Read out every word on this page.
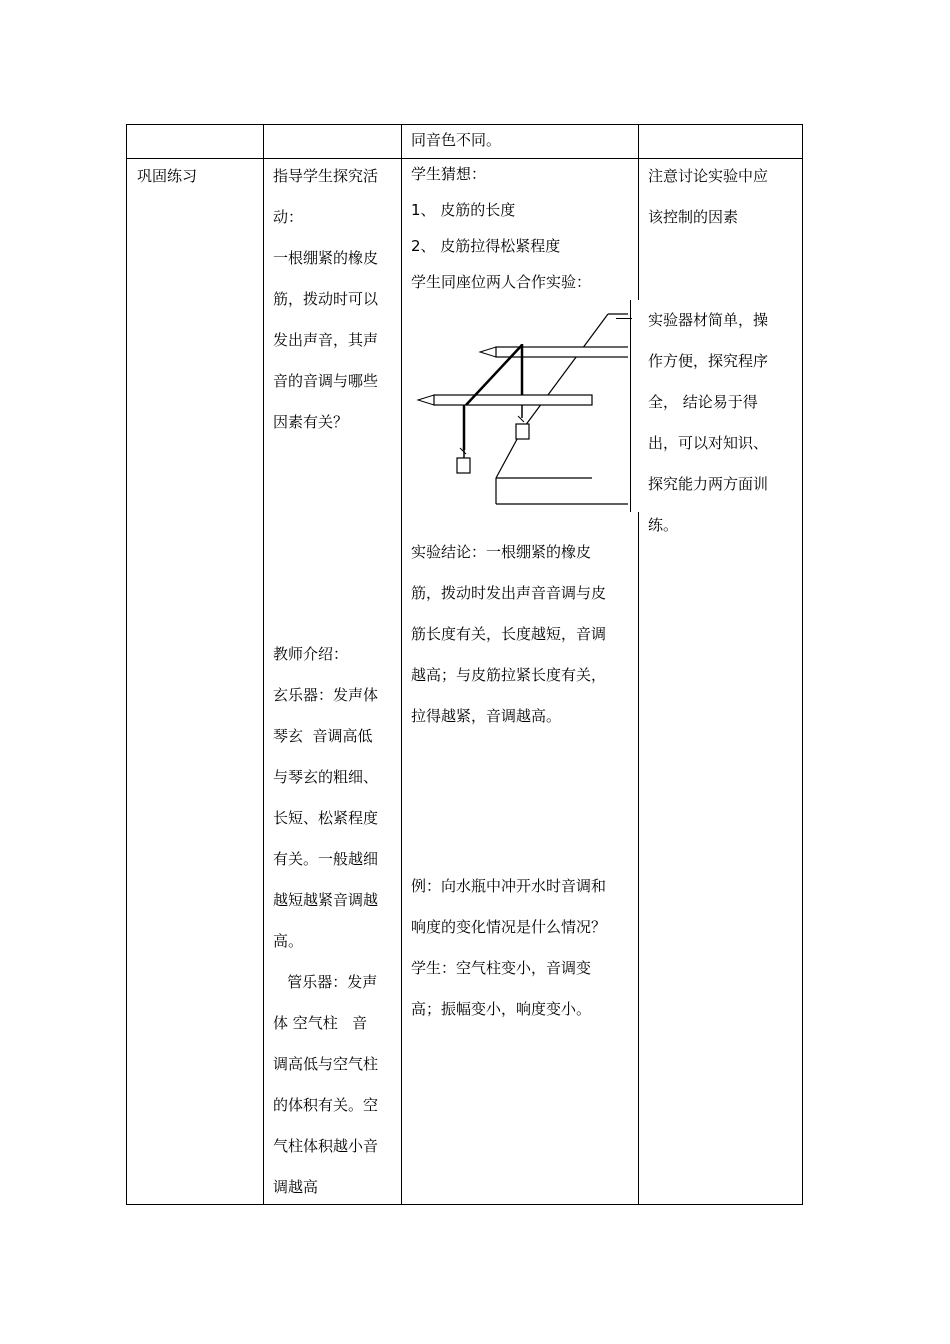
同音色不同。
巩固练习	指导学生探究活
动：
一根绷紧的橡皮
筋，拨动时可以
发出声音，其声
音的音调与哪些
因素有关？
教师介绍：
玄乐器：发声体
琴玄  音调高低
与琴玄的粗细、
长短、松紧程度
有关。一般越细
越短越紧音调越
高。
管乐器：发声
体 空气柱   音
调高低与空气柱
的体积有关。空
气柱体积越小音
调越高
学生猜想：
1、 皮筋的长度
2、 皮筋拉得松紧程度
学生同座位两人合作实验：
实验结论：一根绷紧的橡皮
筋，拨动时发出声音音调与皮
筋长度有关，长度越短，音调
越高；与皮筋拉紧长度有关，
拉得越紧，音调越高。
例：向水瓶中冲开水时音调和
响度的变化情况是什么情况？
学生：空气柱变小，音调变
高；振幅变小，响度变小。
注意讨论实验中应
该控制的因素
实验器材简单，操
作方便，探究程序
全， 结论易于得
出，可以对知识、
探究能力两方面训
练。
